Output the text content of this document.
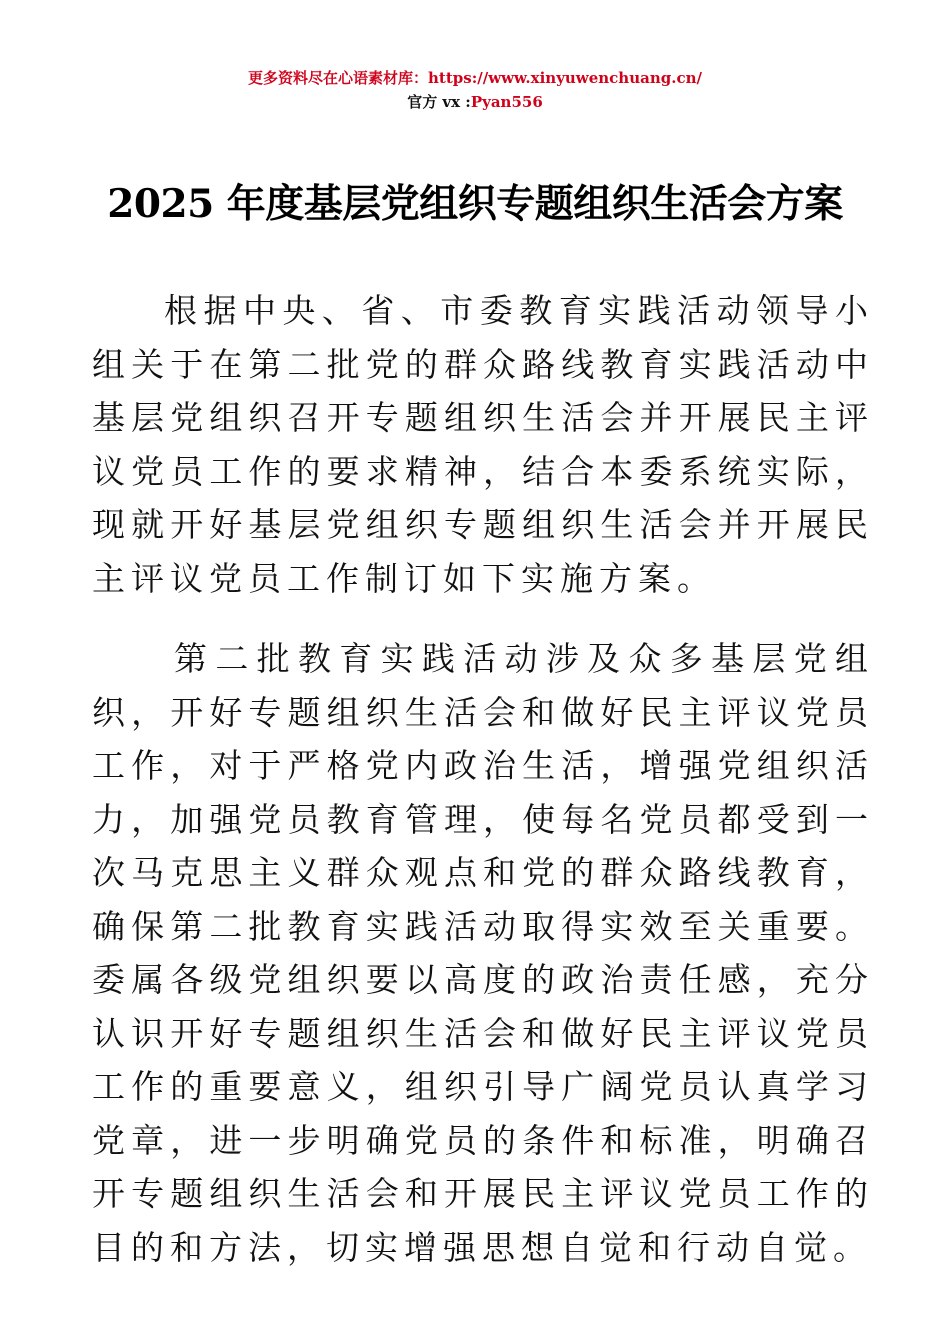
更多资料尽在心语素材库：https://www.xinyuwenchuang.cn/
官方 vx :Pyan556
2025 年度基层党组织专题组织生活会方案

根据中央、省、市委教育实践活动领导小组关于在第二批党的群众路线教育实践活动中基层党组织召开专题组织生活会并开展民主评议党员工作的要求精神，结合本委系统实际，现就开好基层党组织专题组织生活会并开展民主评议党员工作制订如下实施方案。

第二批教育实践活动涉及众多基层党组织，开好专题组织生活会和做好民主评议党员工作，对于严格党内政治生活，增强党组织活力，加强党员教育管理，使每名党员都受到一次马克思主义群众观点和党的群众路线教育，确保第二批教育实践活动取得实效至关重要。委属各级党组织要以高度的政治责任感，充分认识开好专题组织生活会和做好民主评议党员工作的重要意义，组织引导广阔党员认真学习党章，进一步明确党员的条件和标准，明确召开专题组织生活会和开展民主评议党员工作的目的和方法，切实增强思想自觉和行动自觉。
